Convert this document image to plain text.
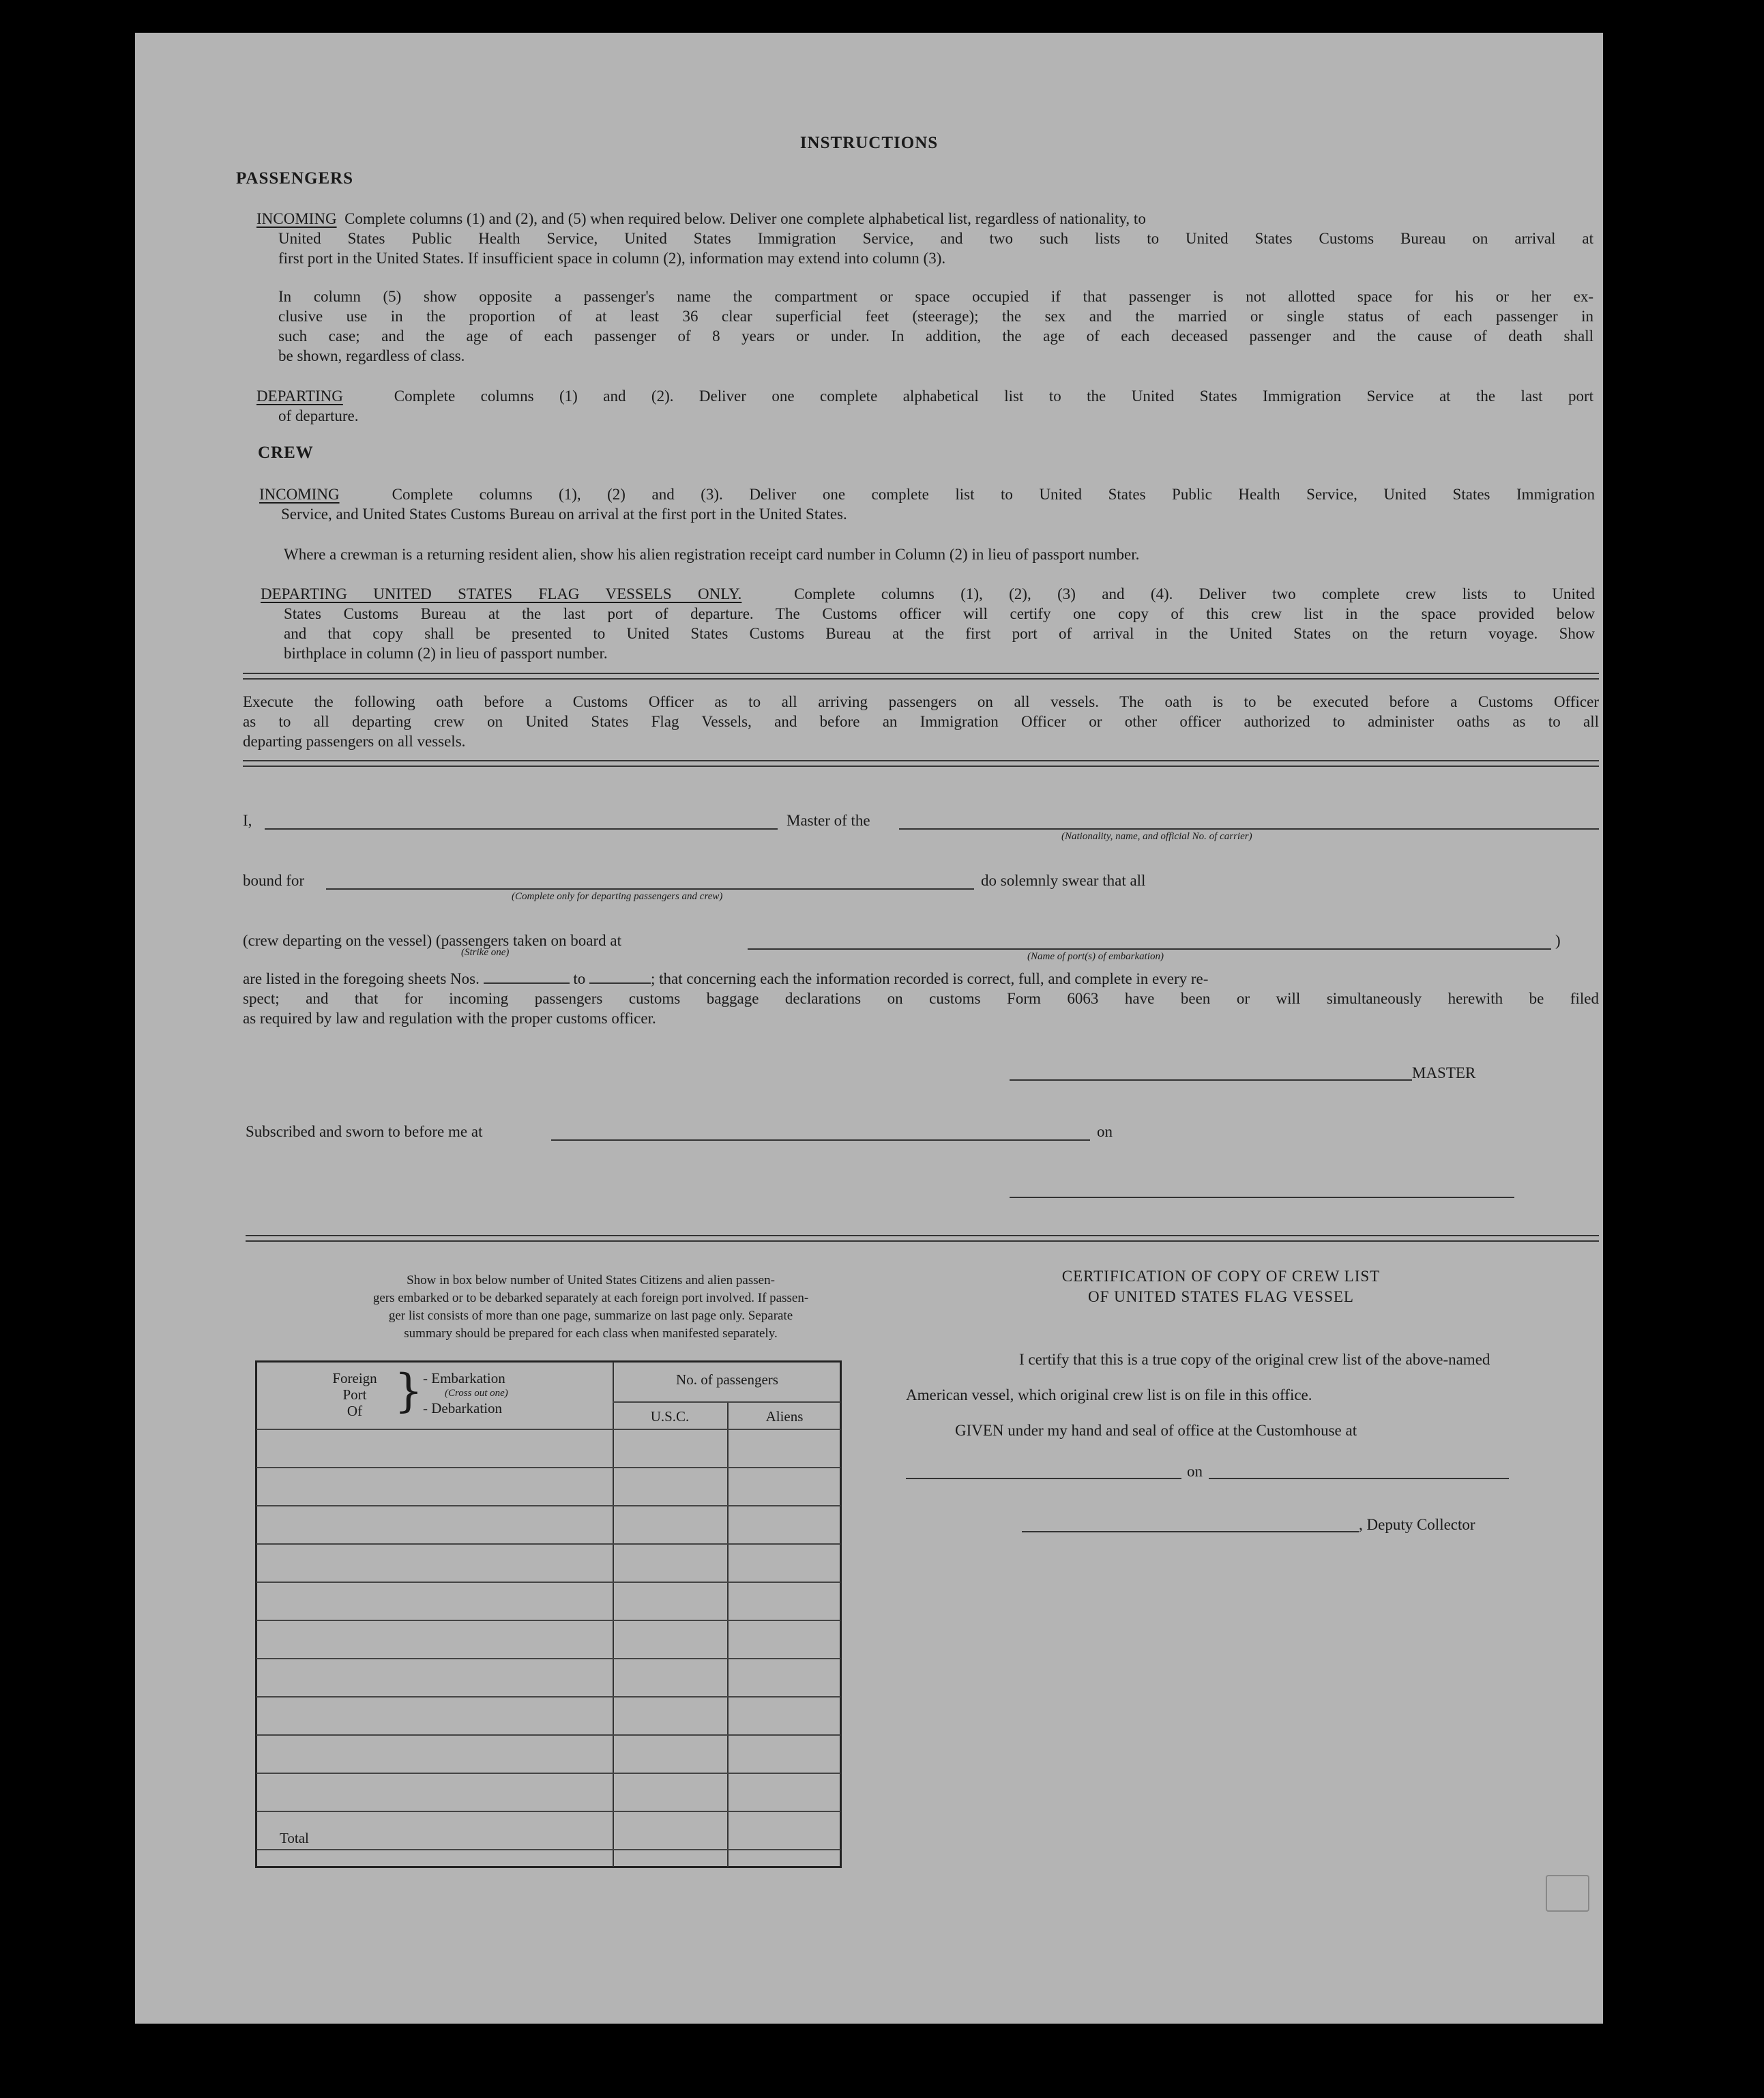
INSTRUCTIONS
PASSENGERS
INCOMING Complete columns (1) and (2), and (5) when required below. Deliver one complete alphabetical list, regardless of nationality, to
United States Public Health Service, United States Immigration Service, and two such lists to United States Customs Bureau on arrival at
first port in the United States. If insufficient space in column (2), information may extend into column (3).
In column (5) show opposite a passenger's name the compartment or space occupied if that passenger is not allotted space for his or her ex-
clusive use in the proportion of at least 36 clear superficial feet (steerage); the sex and the married or single status of each passenger in
such case; and the age of each passenger of 8 years or under. In addition, the age of each deceased passenger and the cause of death shall
be shown, regardless of class.
DEPARTING	Complete columns (1) and (2). Deliver one complete alphabetical list to the United States Immigration Service at the last port
of departure.
CREW
INCOMING	Complete columns (1), (2) and (3). Deliver one complete list to United States Public Health Service, United States Immigration
Service, and United States Customs Bureau on arrival at the first port in the United States.
Where a crewman is a returning resident alien, show his alien registration receipt card number in Column (2) in lieu of passport number.
DEPARTING UNITED STATES FLAG VESSELS ONLY.	Complete columns (1), (2), (3) and (4). Deliver two complete crew lists to United
States Customs Bureau at the last port of departure. The Customs officer will certify one copy of this crew list in the space provided below
and that copy shall be presented to United States Customs Bureau at the first port of arrival in the United States on the return voyage. Show
birthplace in column (2) in lieu of passport number.
Execute the following oath before a Customs Officer as to all arriving passengers on all vessels. The oath is to be executed before a Customs Officer
as to all departing crew on United States Flag Vessels, and before an Immigration Officer or other officer authorized to administer oaths as to all
departing passengers on all vessels.
I,	Master of the
(Nationality, name, and official No. of carrier)
bound for
(Complete only for departing passengers and crew)
do solemnly swear that all
(crew departing on the vessel) (passengers taken on board at
(Strike one)	(Name of port(s) of embarkation)
)
are listed in the foregoing sheets Nos.	to	; that concerning each the information recorded is correct, full, and complete in every re-
spect; and that for incoming passengers customs baggage declarations on customs Form 6063 have been or will simultaneously herewith be filed
as required by law and regulation with the proper customs officer.
MASTER
Subscribed and sworn to before me at	on
Show in box below number of United States Citizens and alien passen-
gers embarked or to be debarked separately at each foreign port involved. If passen-
ger list consists of more than one page, summarize on last page only. Separate
summary should be prepared for each class when manifested separately.
Foreign
Port
Of } - Embarkation
(Cross out one)
- Debarkation
No. of passengers
U.S.C.	Aliens
Total
CERTIFICATION OF COPY OF CREW LIST
OF UNITED STATES FLAG VESSEL
I certify that this is a true copy of the original crew list of the above-named
American vessel, which original crew list is on file in this office.
GIVEN under my hand and seal of office at the Customhouse at
on
, Deputy Collector
